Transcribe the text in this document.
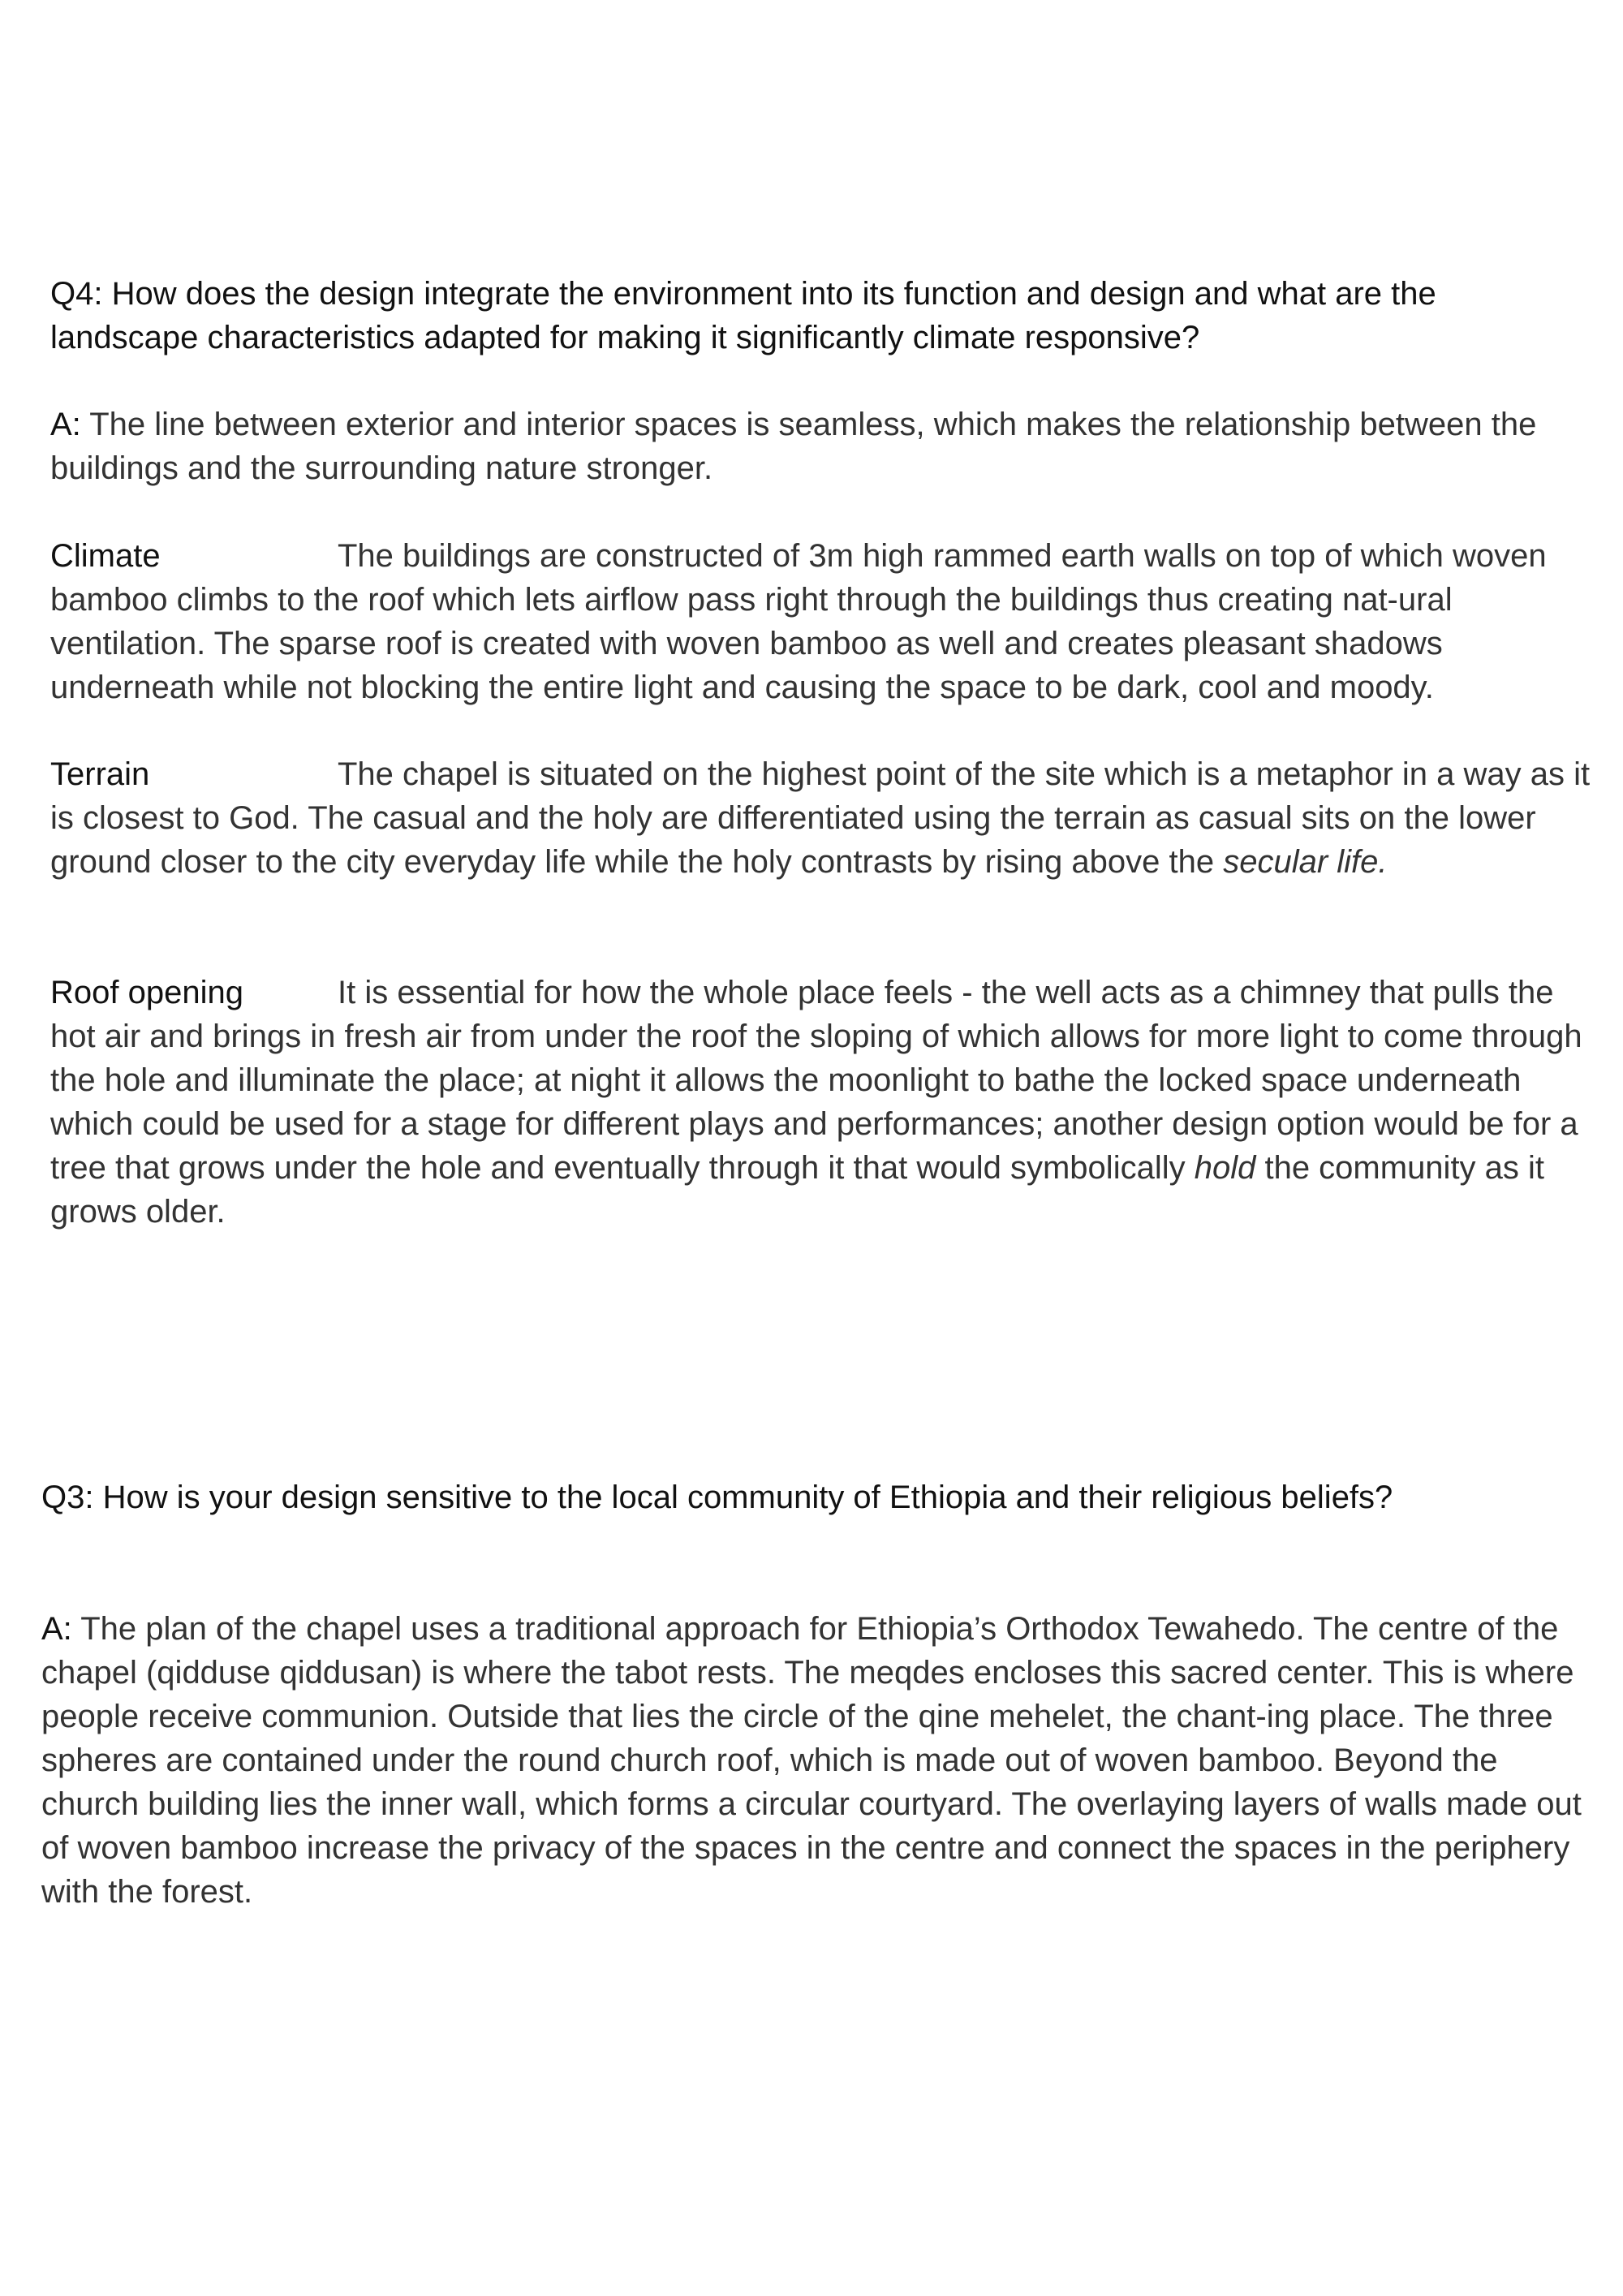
Q4: How does the design integrate the environment into its function and design and what are the landscape characteristics adapted for making it significantly climate responsive?

A: The line between exterior and interior spaces is seamless, which makes the relationship between the buildings and the surrounding nature stronger.

Climate	The buildings are constructed of 3m high rammed earth walls on top of which woven bamboo climbs to the roof which lets airflow pass right through the buildings thus creating nat-ural ventilation. The sparse roof is created with woven bamboo as well and creates pleasant shadows underneath while not blocking the entire light and causing the space to be dark, cool and moody.

Terrain	The chapel is situated on the highest point of the site which is a metaphor in a way as it is closest to God. The casual and the holy are differentiated using the terrain as casual sits on the lower ground closer to the city everyday life while the holy contrasts by rising above the secular life.

Roof opening	It is essential for how the whole place feels - the well acts as a chimney that pulls the hot air and brings in fresh air from under the roof the sloping of which allows for more light to come through the hole and illuminate the place; at night it allows the moonlight to bathe the locked space underneath which could be used for a stage for different plays and performances; another design option would be for a tree that grows under the hole and eventually through it that would symbolically hold the community as it grows older.

Q3: How is your design sensitive to the local community of Ethiopia and their religious beliefs?

A: The plan of the chapel uses a traditional approach for Ethiopia’s Orthodox Tewahedo. The centre of the chapel (qidduse qiddusan) is where the tabot rests. The meqdes encloses this sacred center. This is where people receive communion. Outside that lies the circle of the qine mehelet, the chant-ing place. The three spheres are contained under the round church roof, which is made out of woven bamboo. Beyond the church building lies the inner wall, which forms a circular courtyard. The overlaying layers of walls made out of woven bamboo increase the privacy of the spaces in the centre and connect the spaces in the periphery with the forest.
